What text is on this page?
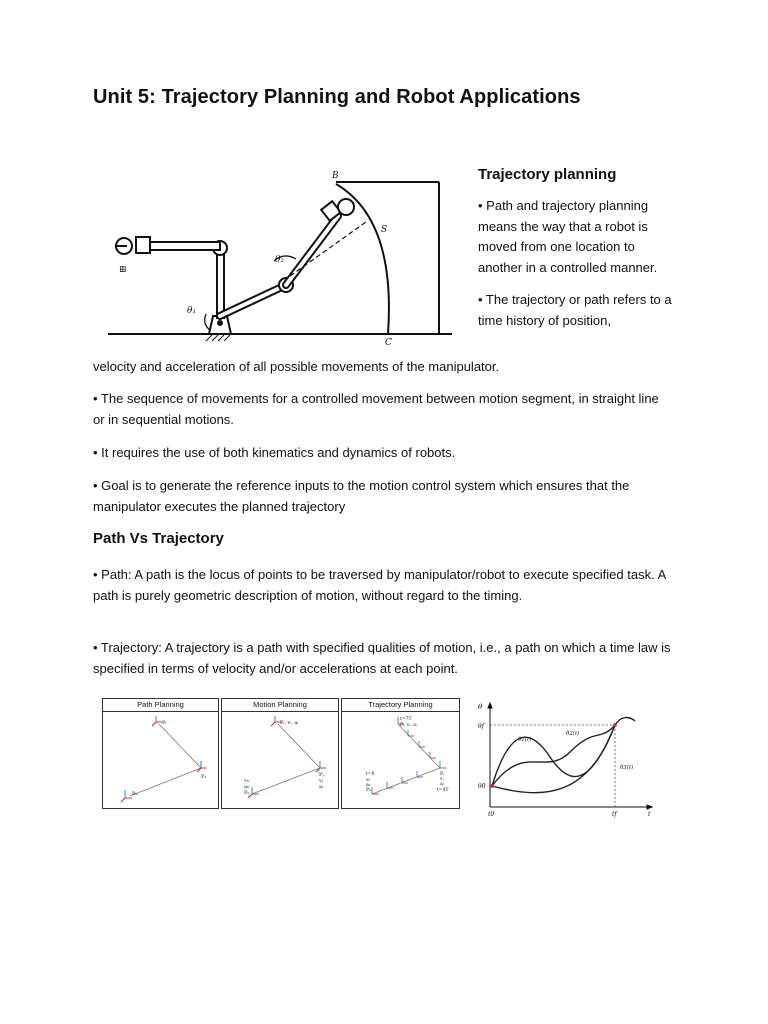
Unit 5: Trajectory Planning and Robot Applications
⊞
B
S
C
θ₂
θ₁
Trajectory planning

• Path and trajectory planning means the way that a robot is moved from one location to another in a controlled manner.

• The trajectory or path refers to a time history of position,

velocity and acceleration of all possible movements of the manipulator.

• The sequence of movements for a controlled movement between motion segment, in straight line or in sequential motions.

• It requires the use of both kinematics and dynamics of robots.

• Goal is to generate the reference inputs to the motion control system which ensures that the manipulator executes the planned trajectory

Path Vs Trajectory

• Path: A path is the locus of points to be traversed by manipulator/robot to execute specified task. A path is purely geometric description of motion, without regard to the timing.

• Trajectory: A trajectory is a path with specified qualities of motion, i.e., a path on which a time law is specified in terms of velocity and/or accelerations at each point.

Path Planning
P₀
Pᵢ
P₁
Motion Planning
Pᵢ, vᵢ, aᵢ
Pⱼ
vⱼ
aⱼ
v₀
a₀
P₀
Trajectory Planning
t=7T
Pᵢ, vᵢ, aᵢ
t=0
v₀
a₀
P₀
Pⱼ
vⱼ
aⱼ
t=4T
θ
θf
θ0
t0	tf	t
θ1(t)
θ2(t)
θ3(t)
